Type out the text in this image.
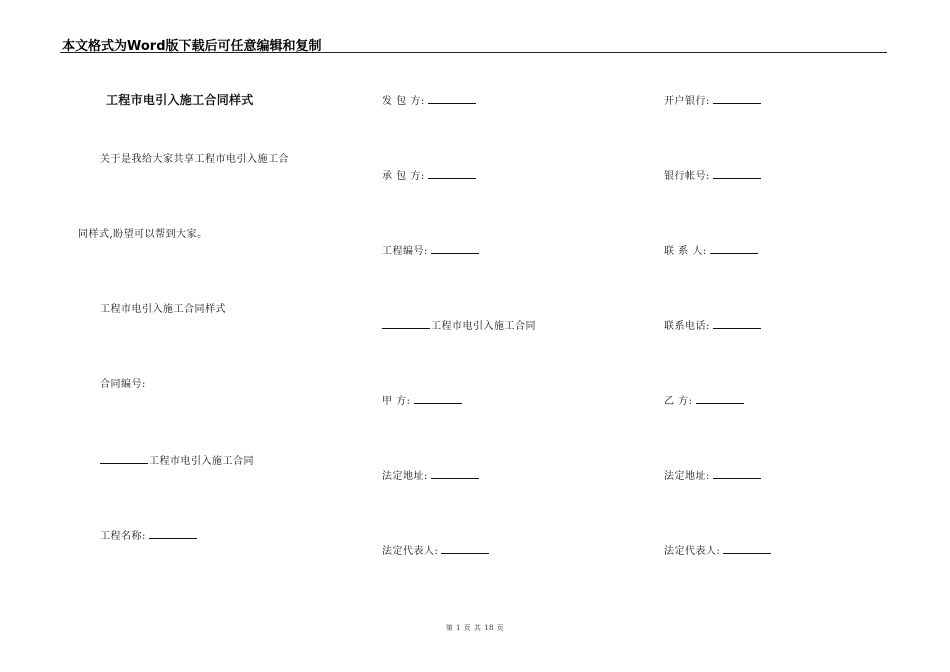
本文格式为Word版下载后可任意编辑和复制
工程市电引入施工合同样式
关于是我给大家共享工程市电引入施工合
同样式,盼望可以帮到大家。
工程市电引入施工合同样式
合同编号:
工程市电引入施工合同
工程名称:
发 包 方:
承 包 方:
工程编号:
工程市电引入施工合同
甲 方:
法定地址:
法定代表人:
开户银行:
银行帐号:
联 系 人:
联系电话:
乙 方:
法定地址:
法定代表人:
第 1 页 共 18 页
